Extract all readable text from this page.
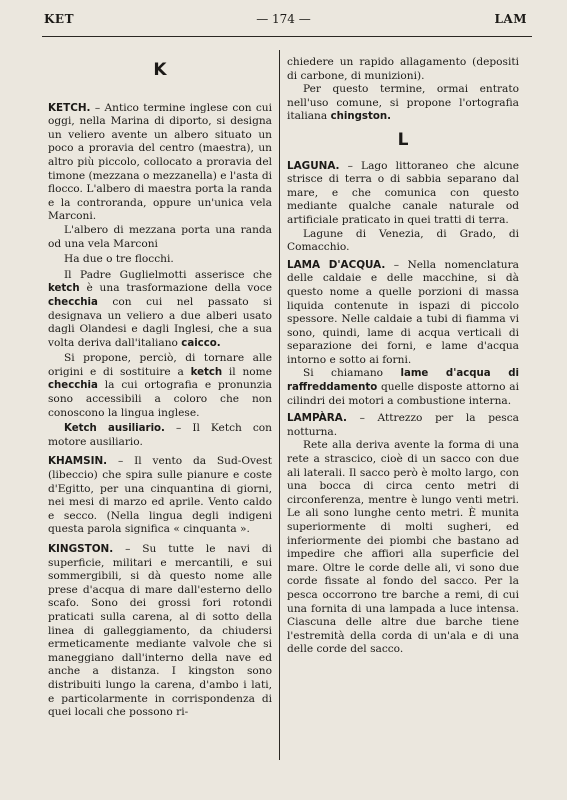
KET	— 174 —	LAM
K

KETCH. – Antico termine inglese con cui oggi, nella Marina di diporto, si designa un veliero avente un albero situato un poco a proravia del centro (maestra), un altro più piccolo, collocato a proravia del timone (mezzana o mezzanella) e l'asta di flocco. L'albero di maestra porta la randa e la controranda, oppure un'unica vela Marconi.

L'albero di mezzana porta una randa od una vela Marconi

Ha due o tre flocchi.

Il Padre Guglielmotti asserisce che ketch è una trasformazione della voce checchia con cui nel passato si designava un veliero a due alberi usato dagli Olandesi e dagli Inglesi, che a sua volta deriva dall'italiano caicco.

Si propone, perciò, di tornare alle origini e di sostituire a ketch il nome checchia la cui ortografia e pronunzia sono accessibili a coloro che non conoscono la lingua inglese.

Ketch ausiliario. – Il Ketch con motore ausiliario.

KHAMSIN. – Il vento da Sud-Ovest (libeccio) che spira sulle pianure e coste d'Egitto, per una cinquantina di giorni, nei mesi di marzo ed aprile. Vento caldo e secco. (Nella lingua degli indigeni questa parola significa « cinquanta ».

KINGSTON. – Su tutte le navi di superficie, militari e mercantili, e sui sommergibili, si dà questo nome alle prese d'acqua di mare dall'esterno dello scafo. Sono dei grossi fori rotondi praticati sulla carena, al di sotto della linea di galleggiamento, da chiudersi ermeticamente mediante valvole che si maneggiano dall'interno della nave ed anche a distanza. I kingston sono distribuiti lungo la carena, d'ambo i lati, e particolarmente in corrispondenza di quei locali che possono ri-

chiedere un rapido allagamento (depositi di carbone, di munizioni).

Per questo termine, ormai entrato nell'uso comune, si propone l'ortografia italiana chingston.

L

LAGUNA. – Lago littoraneo che alcune strisce di terra o di sabbia separano dal mare, e che comunica con questo mediante qualche canale naturale od artificiale praticato in quei tratti di terra.

Lagune di Venezia, di Grado, di Comacchio.

LAMA D'ACQUA. – Nella nomenclatura delle caldaie e delle macchine, si dà questo nome a quelle porzioni di massa liquida contenute in ispazi di piccolo spessore. Nelle caldaie a tubi di fiamma vi sono, quindi, lame di acqua verticali di separazione dei forni, e lame d'acqua intorno e sotto ai forni.

Si chiamano lame d'acqua di raffreddamento quelle disposte attorno ai cilindri dei motori a combustione interna.

LAMPÀRA. – Attrezzo per la pesca notturna.

Rete alla deriva avente la forma di una rete a strascico, cioè di un sacco con due ali laterali. Il sacco però è molto largo, con una bocca di circa cento metri di circonferenza, mentre è lungo venti metri. Le ali sono lunghe cento metri. È munita superiormente di molti sugheri, ed inferiormente dei piombi che bastano ad impedire che affiori alla superficie del mare. Oltre le corde delle ali, vi sono due corde fissate al fondo del sacco. Per la pesca occorrono tre barche a remi, di cui una fornita di una lampada a luce intensa. Ciascuna delle altre due barche tiene l'estremità della corda di un'ala e di una delle corde del sacco.
